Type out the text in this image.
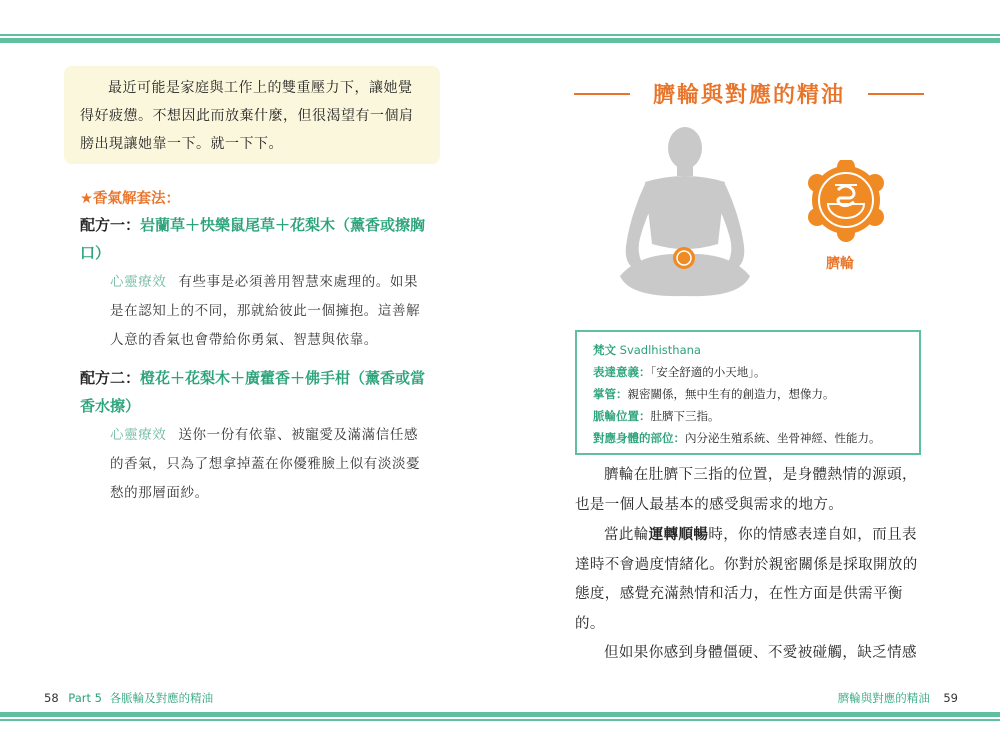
最近可能是家庭與工作上的雙重壓力下，讓她覺得好疲憊。不想因此而放棄什麼，但很渴望有一個肩膀出現讓她靠一下。就一下下。

★香氣解套法：
配方一：岩蘭草＋快樂鼠尾草＋花梨木（薰香或擦胸口）
心靈療效 有些事是必須善用智慧來處理的。如果是在認知上的不同，那就給彼此一個擁抱。這善解人意的香氣也會帶給你勇氣、智慧與依靠。
配方二：橙花＋花梨木＋廣藿香＋佛手柑（薰香或當香水擦）
心靈療效 送你一份有依靠、被寵愛及滿滿信任感的香氣，只為了想拿掉蓋在你優雅臉上似有淡淡憂愁的那層面紗。
58 Part 5 各脈輪及對應的精油
臍輪與對應的精油
臍輪
梵文 Svadlhisthana
表達意義：「安全舒適的小天地」。
掌管：親密關係，無中生有的創造力，想像力。
脈輪位置：肚臍下三指。
對應身體的部位：內分泌生殖系統、坐骨神經、性能力。

臍輪在肚臍下三指的位置，是身體熱情的源頭，也是一個人最基本的感受與需求的地方。

當此輪運轉順暢時，你的情感表達自如，而且表達時不會過度情緒化。你對於親密關係是採取開放的態度，感覺充滿熱情和活力，在性方面是供需平衡的。

但如果你感到身體僵硬、不愛被碰觸，缺乏情感

臍輪與對應的精油 59
